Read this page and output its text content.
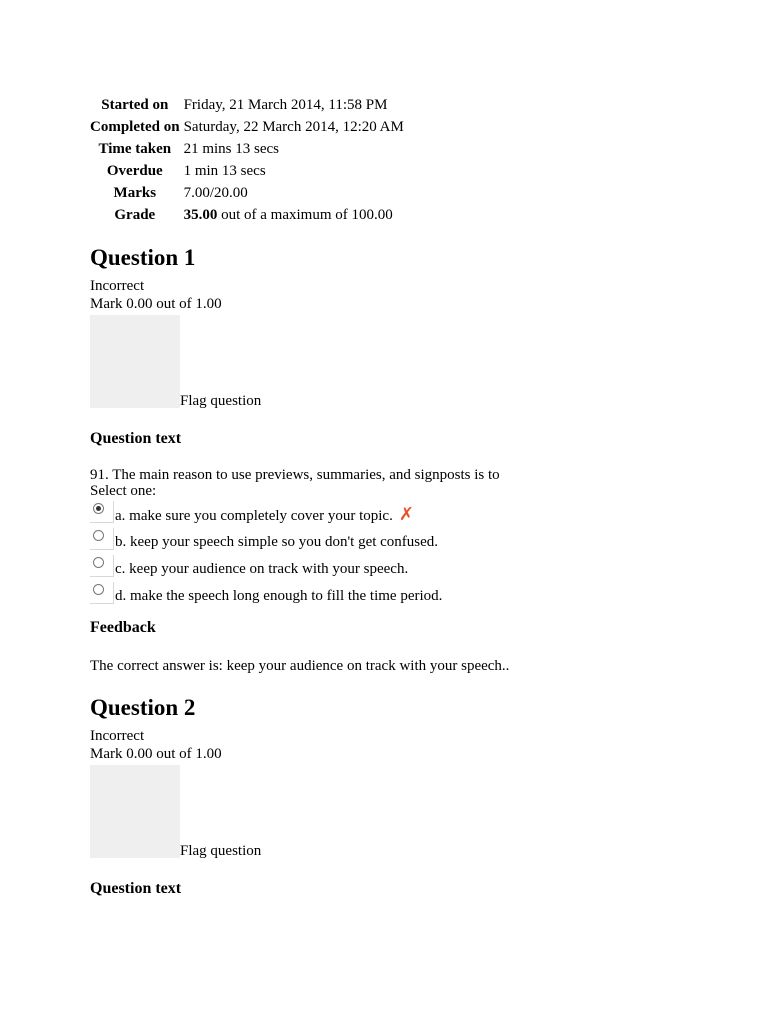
Started on	Friday, 21 March 2014, 11:58 PM
Completed on	Saturday, 22 March 2014, 12:20 AM
Time taken	21 mins 13 secs
Overdue	1 min 13 secs
Marks	7.00/20.00
Grade	35.00 out of a maximum of 100.00
Question 1
Incorrect
Mark 0.00 out of 1.00
Flag question
Question text
91. The main reason to use previews, summaries, and signposts is to
Select one:
a. make sure you completely cover your topic. ✗
b. keep your speech simple so you don't get confused.
c. keep your audience on track with your speech.
d. make the speech long enough to fill the time period.
Feedback
The correct answer is: keep your audience on track with your speech..
Question 2
Incorrect
Mark 0.00 out of 1.00
Flag question
Question text
